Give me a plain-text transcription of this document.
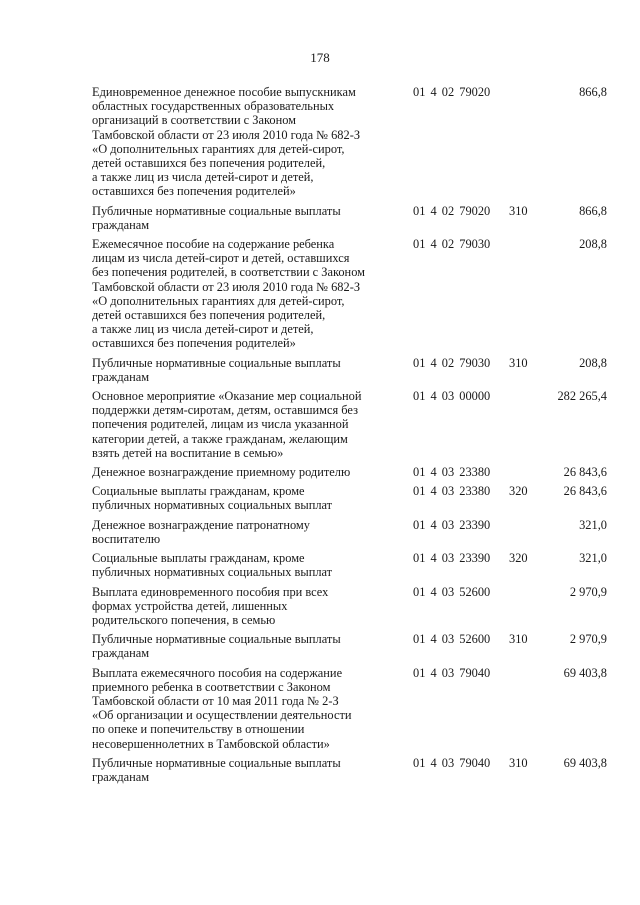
178
Единовременное денежное пособие выпускникам
областных государственных образовательных
организаций в соответствии с Законом
Тамбовской области от 23 июля 2010 года № 682-З
«О дополнительных гарантиях для детей-сирот,
детей оставшихся без попечения родителей,
а также лиц из числа детей-сирот и детей,
оставшихся без попечения родителей»
01 4 02 79020	866,8
Публичные нормативные социальные выплаты
гражданам
01 4 02 79020 310	866,8
Ежемесячное пособие на содержание ребенка
лицам из числа детей-сирот и детей, оставшихся
без попечения родителей, в соответствии с Законом
Тамбовской области от 23 июля 2010 года № 682-З
«О дополнительных гарантиях для детей-сирот,
детей оставшихся без попечения родителей,
а также лиц из числа детей-сирот и детей,
оставшихся без попечения родителей»
01 4 02 79030	208,8
Публичные нормативные социальные выплаты
гражданам
01 4 02 79030 310	208,8
Основное мероприятие «Оказание мер социальной
поддержки детям-сиротам, детям, оставшимся без
попечения родителей, лицам из числа указанной
категории детей, а также гражданам, желающим
взять детей на воспитание в семью»
01 4 03 00000	282 265,4
Денежное вознаграждение приемному родителю	01 4 03 23380	26 843,6
Социальные выплаты гражданам, кроме
публичных нормативных социальных выплат
01 4 03 23380 320	26 843,6
Денежное вознаграждение патронатному
воспитателю
01 4 03 23390	321,0
Социальные выплаты гражданам, кроме
публичных нормативных социальных выплат
01 4 03 23390 320	321,0
Выплата единовременного пособия при всех
формах устройства детей, лишенных
родительского попечения, в семью
01 4 03 52600	2 970,9
Публичные нормативные социальные выплаты
гражданам
01 4 03 52600 310	2 970,9
Выплата ежемесячного пособия на содержание
приемного ребенка в соответствии с Законом
Тамбовской области от 10 мая 2011 года № 2-З
«Об организации и осуществлении деятельности
по опеке и попечительству в отношении
несовершеннолетних в Тамбовской области»
01 4 03 79040	69 403,8
Публичные нормативные социальные выплаты
гражданам
01 4 03 79040 310	69 403,8
